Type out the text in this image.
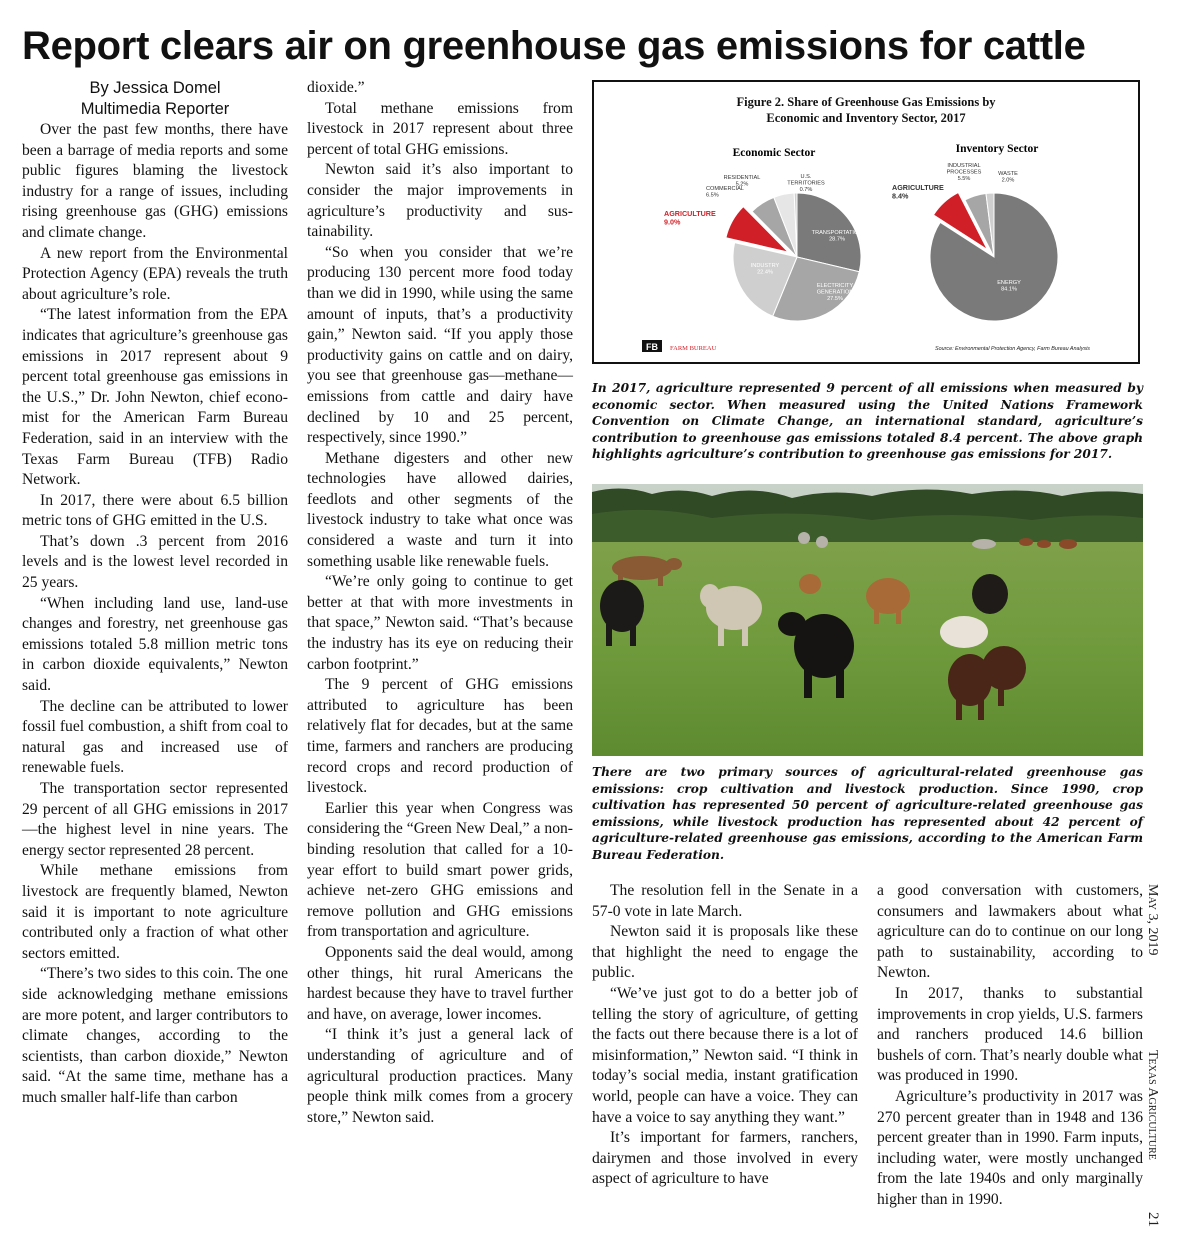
Report clears air on greenhouse gas emissions for cattle
By Jessica Domel
Multimedia Reporter

Over the past few months, there have been a barrage of media reports and some public figures blaming the livestock industry for a range of issues, including rising greenhouse gas (GHG) emissions and climate change.

A new report from the Environmental Protection Agency (EPA) reveals the truth about agriculture’s role.

“The latest information from the EPA indicates that agriculture’s greenhouse gas emissions in 2017 represent about 9 percent total greenhouse gas emissions in the U.S.,” Dr. John Newton, chief economist for the American Farm Bureau Federation, said in an interview with the Texas Farm Bureau (TFB) Radio Network.

In 2017, there were about 6.5 billion metric tons of GHG emitted in the U.S.

That’s down .3 percent from 2016 levels and is the lowest level recorded in 25 years.

“When including land use, land-use changes and forestry, net greenhouse gas emissions totaled 5.8 million metric tons in carbon dioxide equivalents,” Newton said.

The decline can be attributed to lower fossil fuel combustion, a shift from coal to natural gas and increased use of renewable fuels.

The transportation sector represented 29 percent of all GHG emissions in 2017—the highest level in nine years. The energy sector represented 28 percent.

While methane emissions from livestock are frequently blamed, Newton said it is important to note agriculture contributed only a fraction of what other sectors emitted.

“There’s two sides to this coin. The one side acknowledging methane emissions are more potent, and larger contributors to climate changes, according to the scientists, than carbon dioxide,” Newton said. “At the same time, methane has a much smaller half-life than carbon

dioxide.”

Total methane emissions from livestock in 2017 represent about three percent of total GHG emissions.

Newton said it’s also important to consider the major improvements in agriculture’s productivity and sustainability.

“So when you consider that we’re producing 130 percent more food today than we did in 1990, while using the same amount of inputs, that’s a productivity gain,” Newton said. “If you apply those productivity gains on cattle and on dairy, you see that greenhouse gas—methane—emissions from cattle and dairy have declined by 10 and 25 percent, respectively, since 1990.”

Methane digesters and other new technologies have allowed dairies, feedlots and other segments of the livestock industry to take what once was considered a waste and turn it into something usable like renewable fuels.

“We’re only going to continue to get better at that with more investments in that space,” Newton said. “That’s because the industry has its eye on reducing their carbon footprint.”

The 9 percent of GHG emissions attributed to agriculture has been relatively flat for decades, but at the same time, farmers and ranchers are producing record crops and record production of livestock.

Earlier this year when Congress was considering the “Green New Deal,” a non-binding resolution that called for a 10-year effort to build smart power grids, achieve net-zero GHG emissions and remove pollution and GHG emissions from transportation and agriculture.

Opponents said the deal would, among other things, hit rural Americans the hardest because they have to travel further and have, on average, lower incomes.

“I think it’s just a general lack of understanding of agriculture and of agricultural production practices. Many people think milk comes from a grocery store,” Newton said.

Figure 2. Share of Greenhouse Gas Emissions by
Economic and Inventory Sector, 2017
Economic Sector	Inventory Sector
TRANSPORTATION 28.7%
ELECTRICITY GENERATION 27.5%
INDUSTRY 22.4%
AGRICULTURE 9.0%
COMMERCIAL 6.5%
RESIDENTIAL 5.2%
U.S. TERRITORIES 0.7%
ENERGY 84.1%
AGRICULTURE 8.4%
INDUSTRIAL PROCESSES 5.5%
WASTE 2.0%
FB FARM BUREAU	Source: Environmental Protection Agency, Farm Bureau Analysis

In 2017, agriculture represented 9 percent of all emissions when measured by economic sector. When measured using the United Nations Framework Convention on Climate Change, an international standard, agriculture’s contribution to greenhouse gas emissions totaled 8.4 percent. The above graph highlights agriculture’s contribution to greenhouse gas emissions for 2017.

There are two primary sources of agricultural-related greenhouse gas emissions: crop cultivation and livestock production. Since 1990, crop cultivation has represented 50 percent of agriculture-related greenhouse gas emissions, while livestock production has represented about 42 percent of agriculture-related greenhouse gas emissions, according to the American Farm Bureau Federation.

The resolution fell in the Senate in a 57-0 vote in late March.

Newton said it is proposals like these that highlight the need to engage the public.

“We’ve just got to do a better job of telling the story of agriculture, of getting the facts out there because there is a lot of misinformation,” Newton said. “I think in today’s social media, instant gratification world, people can have a voice. They can have a voice to say anything they want.”

It’s important for farmers, ranchers, dairymen and those involved in every aspect of agriculture to have

a good conversation with customers, consumers and lawmakers about what agriculture can do to continue on our long path to sustainability, according to Newton.

In 2017, thanks to substantial improvements in crop yields, U.S. farmers and ranchers produced 14.6 billion bushels of corn. That’s nearly double what was produced in 1990.

Agriculture’s productivity in 2017 was 270 percent greater than in 1948 and 136 percent greater than in 1990. Farm inputs, including water, were mostly unchanged from the late 1940s and only marginally higher than in 1990.

May 3, 2019
Texas Agriculture
21
